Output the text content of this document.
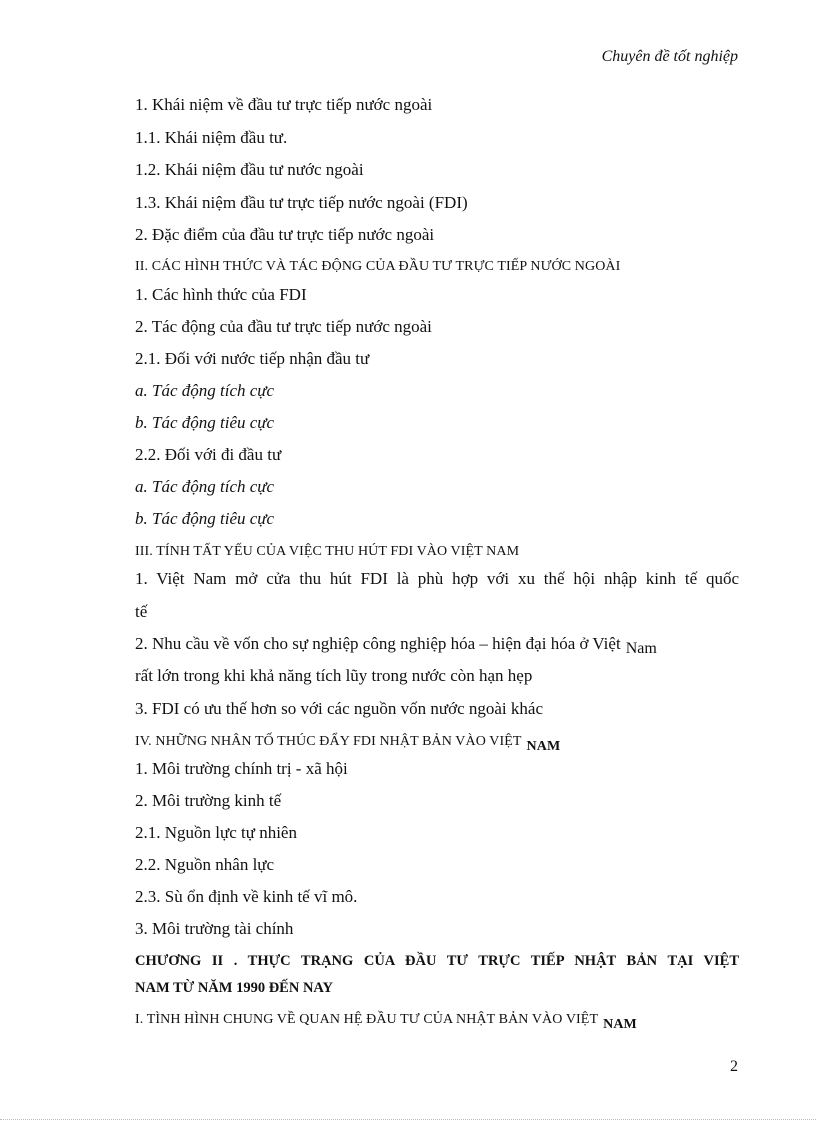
Chuyên đề tốt nghiệp
1. Khái niệm về đầu tư trực tiếp nước ngoài
1.1. Khái niệm đầu tư.
1.2. Khái niệm đầu tư nước ngoài
1.3. Khái niệm đầu tư trực tiếp nước ngoài (FDI)
2. Đặc điểm của đầu tư trực tiếp nước ngoài
II. CÁC HÌNH THỨC VÀ TÁC ĐỘNG CỦA ĐẦU TƯ TRỰC TIẾP NƯỚC NGOÀI
1. Các hình thức của FDI
2. Tác động của đầu tư trực tiếp nước ngoài
2.1. Đối với nước tiếp nhận đầu tư
a. Tác động tích cực
b. Tác động tiêu cực
2.2. Đối với đi đầu tư
a. Tác động tích cực
b. Tác động tiêu cực
III. TÍNH TẤT YẾU CỦA VIỆC THU HÚT FDI VÀO VIỆT NAM
1. Việt Nam mở cửa thu hút FDI là phù hợp với xu thế hội nhập kinh tế quốc
tế
2. Nhu cầu về vốn cho sự nghiệp công nghiệp hóa – hiện đại hóa ở Việt Nam
rất lớn trong khi khả năng tích lũy trong nước còn hạn hẹp
3. FDI có ưu thế hơn so với các nguồn vốn nước ngoài khác
IV. NHỮNG NHÂN TỐ THÚC ĐẨY FDI NHẬT BẢN VÀO VIỆT NAM
1. Môi trường chính trị - xã hội
2. Môi trường kinh tế
2.1. Nguồn lực tự nhiên
2.2. Nguồn nhân lực
2.3. Sù ổn định về kinh tế vĩ mô.
3. Môi trường tài chính
CHƯƠNG II . THỰC TRẠNG CỦA ĐẦU TƯ TRỰC TIẾP NHẬT BẢN TẠI VIỆT
NAM TỪ NĂM 1990 ĐẾN NAY
I. TÌNH HÌNH CHUNG VỀ QUAN HỆ ĐẦU TƯ CỦA NHẬT BẢN VÀO VIỆT NAM
2
